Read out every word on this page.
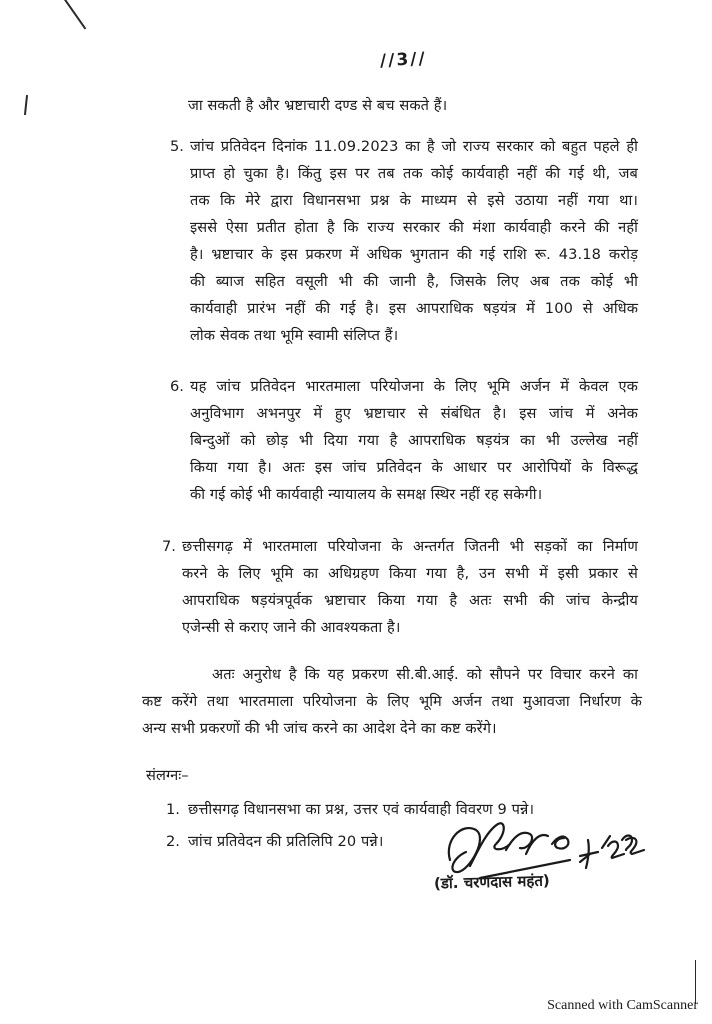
//3//
जा सकती है और भ्रष्टाचारी दण्ड से बच सकते हैं।
5. जांच प्रतिवेदन दिनांक 11.09.2023 का है जो राज्य सरकार को बहुत पहले ही
प्राप्त हो चुका है। किंतु इस पर तब तक कोई कार्यवाही नहीं की गई थी, जब
तक कि मेरे द्वारा विधानसभा प्रश्न के माध्यम से इसे उठाया नहीं गया था।
इससे ऐसा प्रतीत होता है कि राज्य सरकार की मंशा कार्यवाही करने की नहीं
है। भ्रष्टाचार के इस प्रकरण में अधिक भुगतान की गई राशि रू. 43.18 करोड़
की ब्याज सहित वसूली भी की जानी है, जिसके लिए अब तक कोई भी
कार्यवाही प्रारंभ नहीं की गई है। इस आपराधिक षड़यंत्र में 100 से अधिक
लोक सेवक तथा भूमि स्वामी संलिप्त हैं।
6. यह जांच प्रतिवेदन भारतमाला परियोजना के लिए भूमि अर्जन में केवल एक
अनुविभाग अभनपुर में हुए भ्रष्टाचार से संबंधित है। इस जांच में अनेक
बिन्दुओं को छोड़ भी दिया गया है आपराधिक षड़यंत्र का भी उल्लेख नहीं
किया गया है। अतः इस जांच प्रतिवेदन के आधार पर आरोपियों के विरूद्ध
की गई कोई भी कार्यवाही न्यायालय के समक्ष स्थिर नहीं रह सकेगी।
7. छत्तीसगढ़ में भारतमाला परियोजना के अन्तर्गत जितनी भी सड़कों का निर्माण
करने के लिए भूमि का अधिग्रहण किया गया है, उन सभी में इसी प्रकार से
आपराधिक षड़यंत्रपूर्वक भ्रष्टाचार किया गया है अतः सभी की जांच केन्द्रीय
एजेन्सी से कराए जाने की आवश्यकता है।
अतः अनुरोध है कि यह प्रकरण सी.बी.आई. को सौपने पर विचार करने का
कष्ट करेंगे तथा भारतमाला परियोजना के लिए भूमि अर्जन तथा मुआवजा निर्धारण के
अन्य सभी प्रकरणों की भी जांच करने का आदेश देने का कष्ट करेंगे।
संलग्नः–
1. छत्तीसगढ़ विधानसभा का प्रश्न, उत्तर एवं कार्यवाही विवरण 9 पन्ने।
2. जांच प्रतिवेदन की प्रतिलिपि 20 पन्ने।
(डॉ. चरणदास महंत)
Scanned with CamScanner
